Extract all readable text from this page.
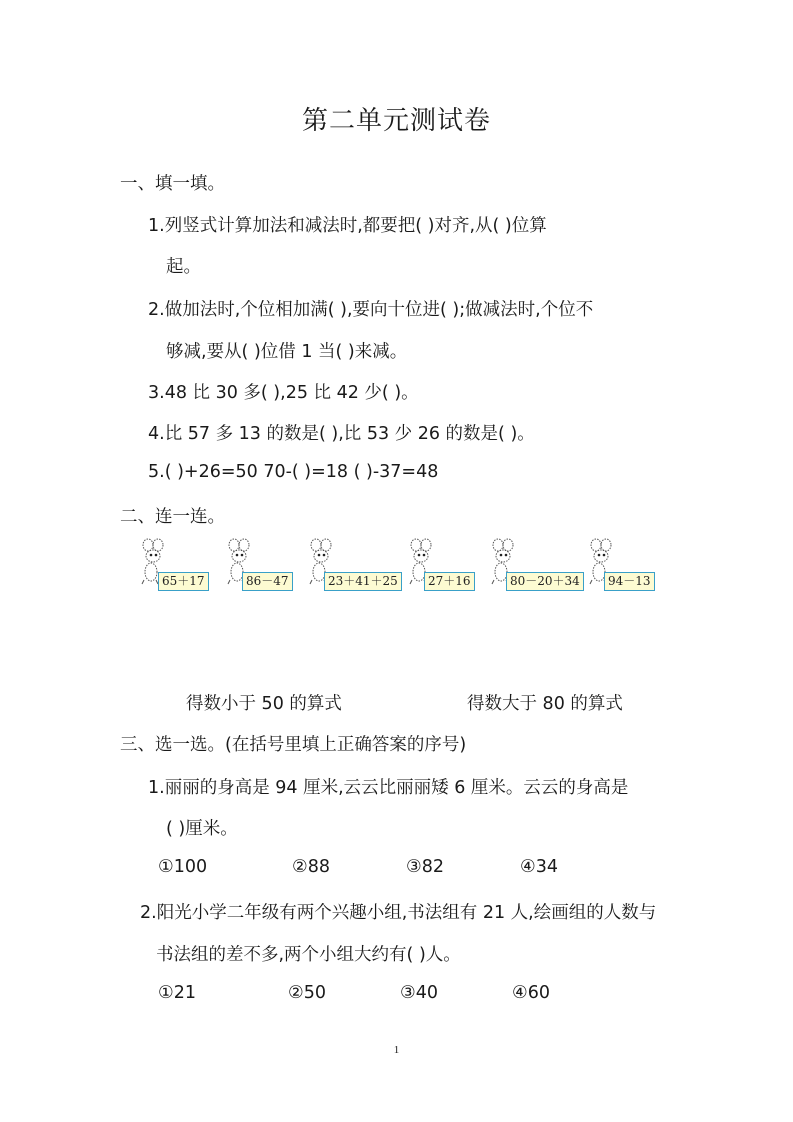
第二单元测试卷
一、填一填。
1.列竖式计算加法和减法时,都要把( )对齐,从( )位算
起。
2.做加法时,个位相加满( ),要向十位进( );做减法时,个位不
够减,要从( )位借 1 当( )来减。
3.48 比 30 多( ),25 比 42 少( )。
4.比 57 多 13 的数是( ),比 53 少 26 的数是( )。
5.( )+26=50 70-( )=18 ( )-37=48
二、连一连。
65＋17	86－47	23＋41＋25	27＋16	80－20＋34	94－13
得数小于 50 的算式	得数大于 80 的算式
三、选一选。(在括号里填上正确答案的序号)
1.丽丽的身高是 94 厘米,云云比丽丽矮 6 厘米。云云的身高是
( )厘米。
①100	②88	③82	④34
2.阳光小学二年级有两个兴趣小组,书法组有 21 人,绘画组的人数与
书法组的差不多,两个小组大约有( )人。
①21	②50	③40	④60
1
